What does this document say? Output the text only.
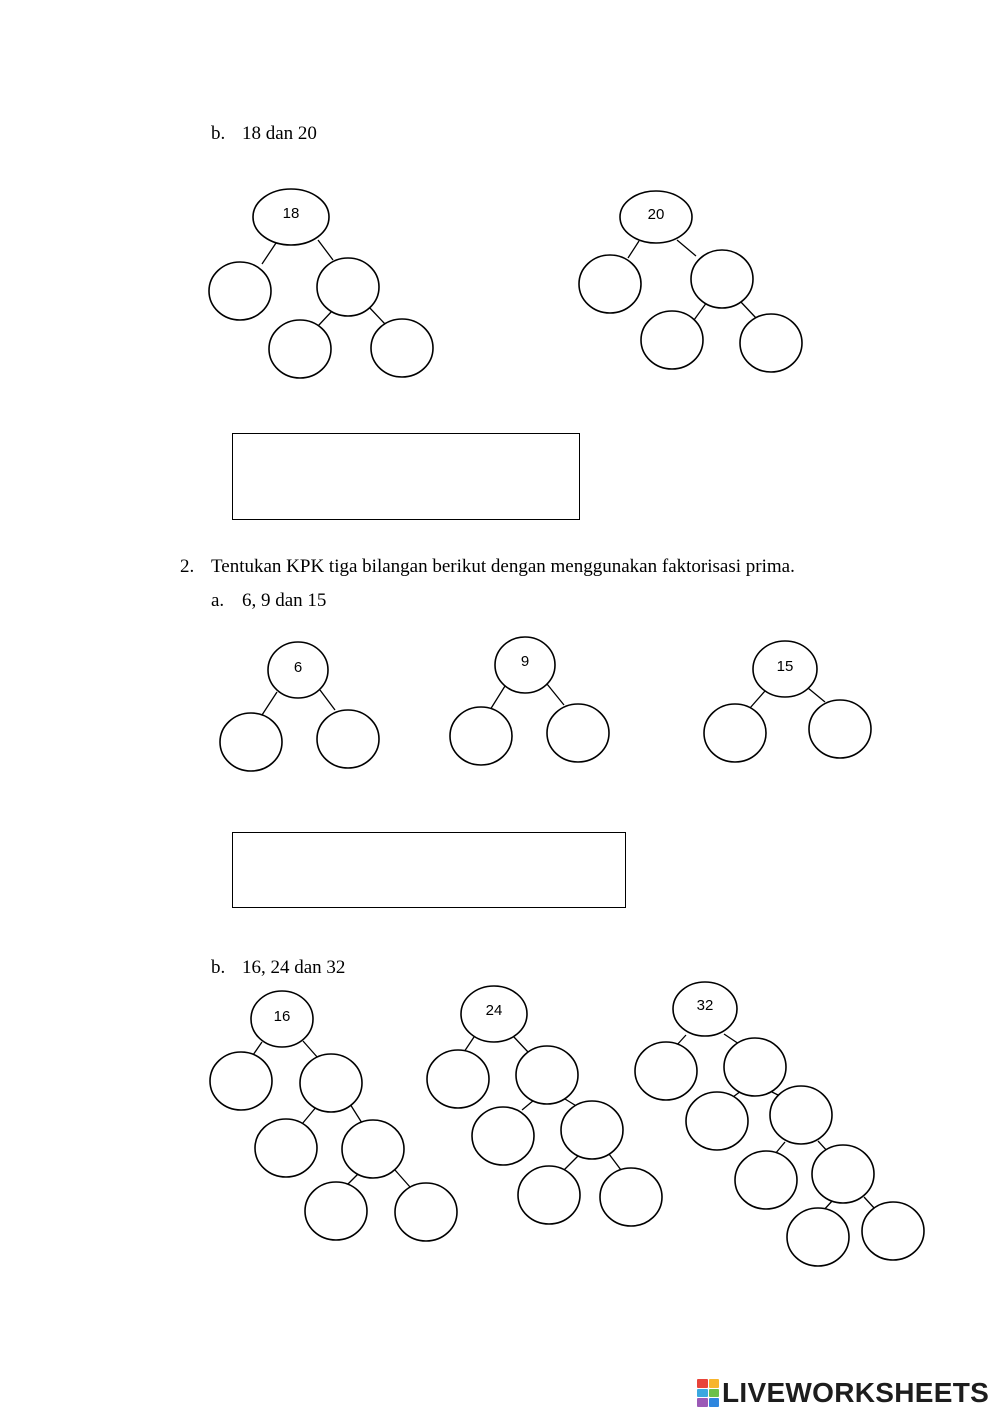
b. 18 dan 20
2. Tentukan KPK tiga bilangan berikut dengan menggunakan faktorisasi prima.
a. 6, 9 dan 15
b. 16, 24 dan 32
18	20
6	9	15
16	24	32
LIVEWORKSHEETS
